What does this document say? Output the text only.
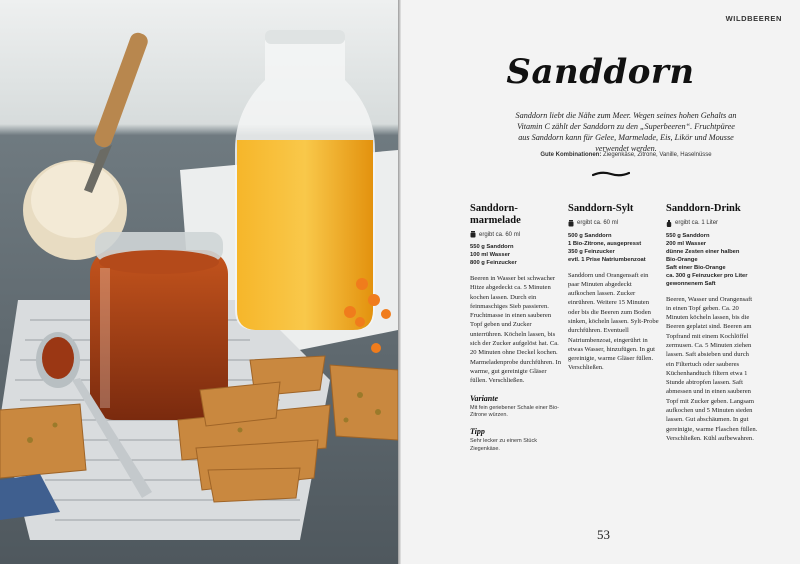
WILDBEEREN
Sanddorn
Sanddorn liebt die Nähe zum Meer. Wegen seines hohen Gehalts an Vitamin C zählt der Sanddorn zu den „Superbeeren“. Fruchtpüree aus Sanddorn kann für Gelee, Marmelade, Eis, Likör und Mousse verwendet werden.
Gute Kombinationen: Ziegenkäse, Zitrone, Vanille, Haselnüsse
Sanddorn-
marmelade
ergibt ca. 60 ml
550 g Sanddorn
100 ml Wasser
800 g Feinzucker
Beeren in Wasser bei schwacher Hitze abgedeckt ca. 5 Minuten kochen lassen. Durch ein feinmaschiges Sieb passieren. Fruchtmasse in einen sauberen Topf geben und Zucker unterrühren. Köcheln lassen, bis sich der Zucker aufgelöst hat. Ca. 20 Minuten ohne Deckel kochen. Marmeladenprobe durchführen. In warme, gut gereinigte Gläser füllen. Verschließen.
Variante
Mit fein geriebener Schale einer Bio-Zitrone würzen.
Tipp
Sehr lecker zu einem Stück Ziegenkäse.
Sanddorn-Sylt
ergibt ca. 60 ml
500 g Sanddorn
1 Bio-Zitrone, ausgepresst
350 g Feinzucker
evtl. 1 Prise Natriumbenzoat
Sanddorn und Orangensaft ein paar Minuten abgedeckt aufkochen lassen. Zucker einrühren. Weitere 15 Minuten oder bis die Beeren zum Boden sinken, köcheln lassen. Sylt-Probe durchführen. Eventuell Natriumbenzoat, eingerührt in etwas Wasser, hinzufügen. In gut gereinigte, warme Gläser füllen. Verschließen.
Sanddorn-Drink
ergibt ca. 1 Liter
550 g Sanddorn
200 ml Wasser
dünne Zesten einer halben
Bio-Orange
Saft einer Bio-Orange
ca. 300 g Feinzucker pro Liter
gewonnenem Saft
Beeren, Wasser und Orangensaft in einen Topf geben. Ca. 20 Minuten köcheln lassen, bis die Beeren geplatzt sind. Beeren am Topfrand mit einem Kochlöffel zermusen. Ca. 5 Minuten ziehen lassen. Saft absieben und durch ein Filtertuch oder sauberes Küchenhandtuch filtern etwa 1 Stunde abtropfen lassen. Saft abmessen und in einen sauberen Topf mit Zucker geben. Langsam aufkochen und 5 Minuten sieden lassen. Gut abschäumen. In gut gereinigte, warme Flaschen füllen. Verschließen. Kühl aufbewahren.
53
